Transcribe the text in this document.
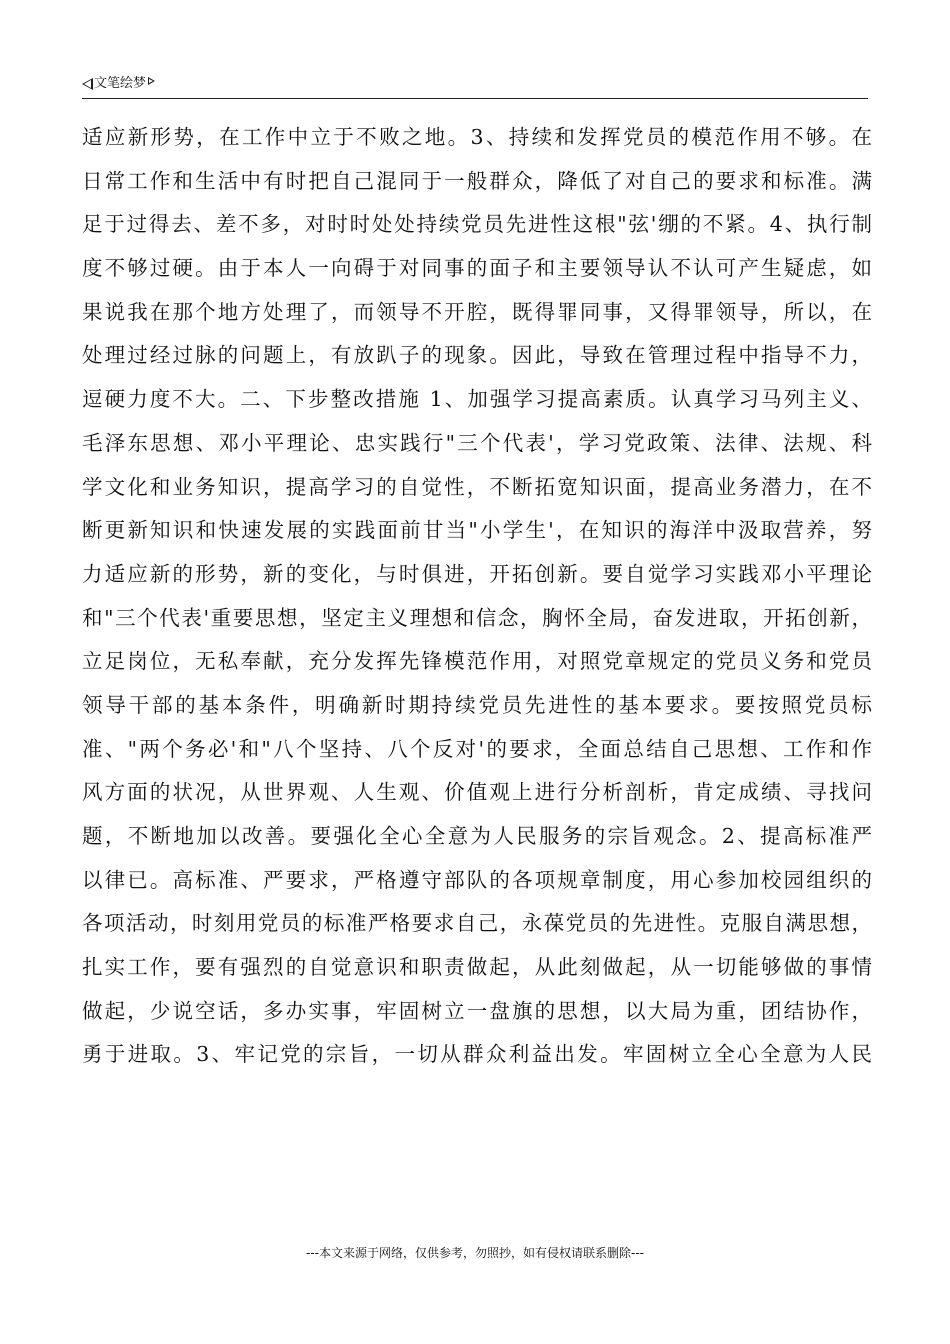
文笔绘梦
适应新形势，在工作中立于不败之地。3、持续和发挥党员的模范作用不够。在
日常工作和生活中有时把自己混同于一般群众，降低了对自己的要求和标准。满
足于过得去、差不多，对时时处处持续党员先进性这根"弦'绷的不紧。4、执行制
度不够过硬。由于本人一向碍于对同事的面子和主要领导认不认可产生疑虑，如
果说我在那个地方处理了，而领导不开腔，既得罪同事，又得罪领导，所以，在
处理过经过脉的问题上，有放趴子的现象。因此，导致在管理过程中指导不力，
逗硬力度不大。二、下步整改措施 1、加强学习提高素质。认真学习马列主义、
毛泽东思想、邓小平理论、忠实践行"三个代表'，学习党政策、法律、法规、科
学文化和业务知识，提高学习的自觉性，不断拓宽知识面，提高业务潜力，在不
断更新知识和快速发展的实践面前甘当"小学生'，在知识的海洋中汲取营养，努
力适应新的形势，新的变化，与时俱进，开拓创新。要自觉学习实践邓小平理论
和"三个代表'重要思想，坚定主义理想和信念，胸怀全局，奋发进取，开拓创新，
立足岗位，无私奉献，充分发挥先锋模范作用，对照党章规定的党员义务和党员
领导干部的基本条件，明确新时期持续党员先进性的基本要求。要按照党员标
准、"两个务必'和"八个坚持、八个反对'的要求，全面总结自己思想、工作和作
风方面的状况，从世界观、人生观、价值观上进行分析剖析，肯定成绩、寻找问
题，不断地加以改善。要强化全心全意为人民服务的宗旨观念。2、提高标准严
以律已。高标准、严要求，严格遵守部队的各项规章制度，用心参加校园组织的
各项活动，时刻用党员的标准严格要求自己，永葆党员的先进性。克服自满思想，
扎实工作，要有强烈的自觉意识和职责做起，从此刻做起，从一切能够做的事情
做起，少说空话，多办实事，牢固树立一盘旗的思想，以大局为重，团结协作，
勇于进取。3、牢记党的宗旨，一切从群众利益出发。牢固树立全心全意为人民
---本文来源于网络，仅供参考，勿照抄，如有侵权请联系删除---
